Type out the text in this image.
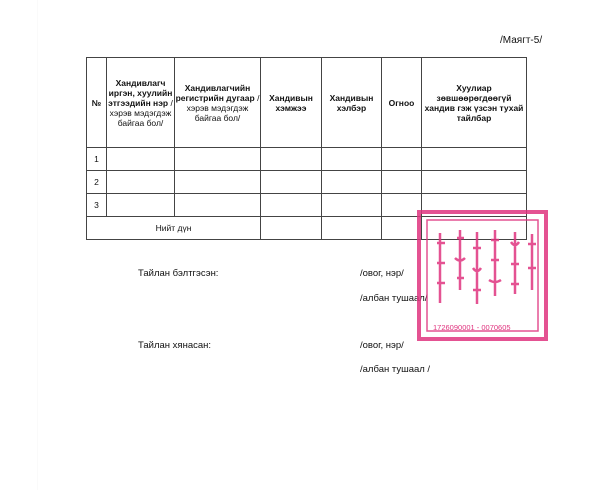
/Маягт-5/
№	Хандивлагч иргэн, хуулийн этгээдийн нэр /хэрэв мэдэгдэж байгаа бол/	Хандивлагчийн регистрийн дугаар /хэрэв мэдэгдэж байгаа бол/	Хандивын хэмжээ	Хандивын хэлбэр	Огноо	Хуулиар зөвшөөрөгдөөгүй хандив гэж үзсэн тухай тайлбар
1						
2						
3						
Нийт дүн						
Тайлан бэлтгэсэн:	/овог, нэр/
/албан тушаал/
Тайлан хянасан:	/овог, нэр/
/албан тушаал /
1726090001 - 0070605
